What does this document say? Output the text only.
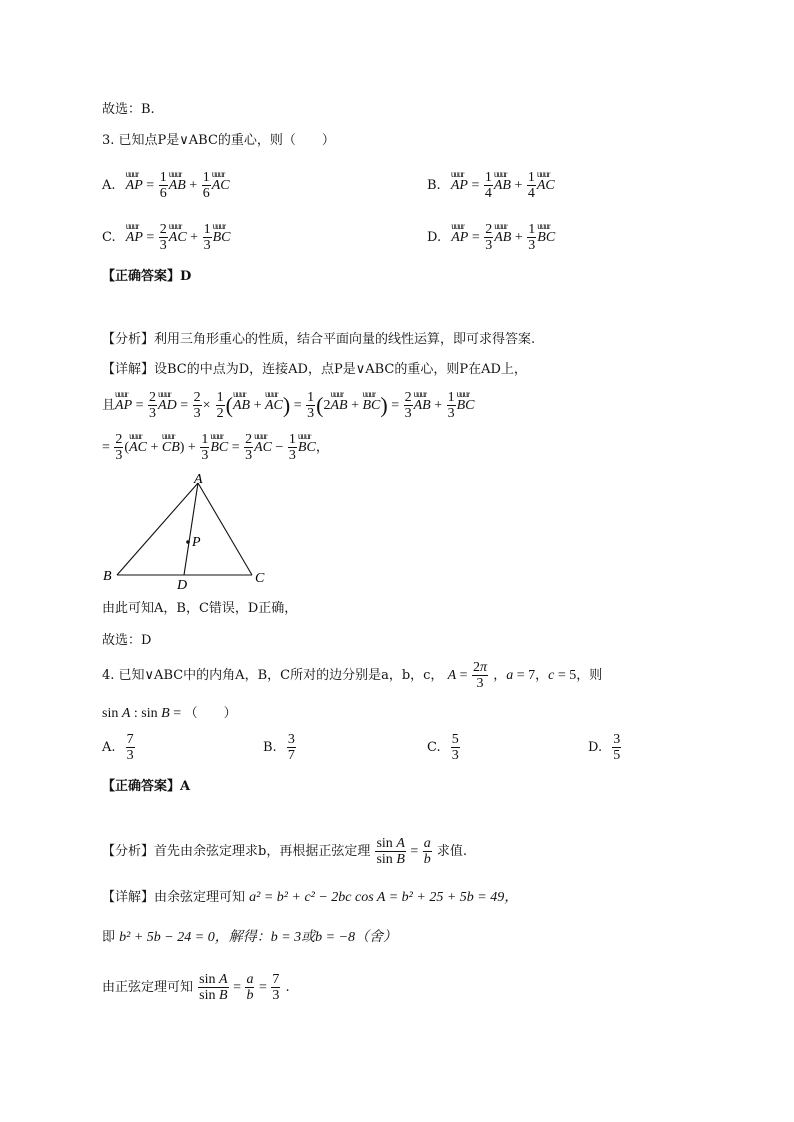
故选：B.
3. 已知点P是∨ABC的重心，则（　　）
A. uuur AP = $\frac{1}{6}$ uuur AB + $\frac{1}{6}$ uuur AC	B. uuur AP = $\frac{1}{4}$ uuur AB + $\frac{1}{4}$ uuur AC
C. uuur AP = $\frac{2}{3}$ uuur AC + $\frac{1}{3}$ uuur BC	D. uuur AP = $\frac{2}{3}$ uuur AB + $\frac{1}{3}$ uuur BC
【正确答案】D
【分析】利用三角形重心的性质，结合平面向量的线性运算，即可求得答案.
【详解】设BC的中点为D，连接AD，点P是∨ABC的重心，则P在AD上，
且uuur AP = $\frac{2}{3}$ uuur AD = $\frac{2}{3} \times \frac{1}{2}$ (uuur AB + uuur $AC) = \frac{1}{3}$ (2uuur AB + uuur $BC) = \frac{2}{3}$ uuur AB + $\frac{1}{3}$ uuur BC
= $\frac{2}{3}$ (uuur AC + uuur $CB) + \frac{1}{3}$ uuur BC = $\frac{2}{3}$ uuur AC − $\frac{1}{3}$ uuur BC，
A
B	C
D
P
由此可知A，B，C错误，D正确，
故选：D
4. 已知∨ABC中的内角A，B，C所对的边分别是a，b，c， $A = \frac{2\pi}{3}$ ，a = 7，c = 5，则
sin A : sin B = （　　）
A. $\frac{7}{3}$	B. $\frac{3}{7}$	C. $\frac{5}{3}$	D. $\frac{3}{5}$
【正确答案】A
【分析】首先由余弦定理求b，再根据正弦定理 $\frac{\text{sin A}}{\text{sin B}} = \frac{a}{b}$ 求值.
【详解】由余弦定理可知 a² = b² + c² − 2bc cos A = b² + 25 + 5b = 49，
即 b² + 5b − 24 = 0，解得：b = 3或b = −8（舍）
由正弦定理可知 $\frac{\text{sin A}}{\text{sin B}} = \frac{a}{b} = \frac{7}{3}$ .
